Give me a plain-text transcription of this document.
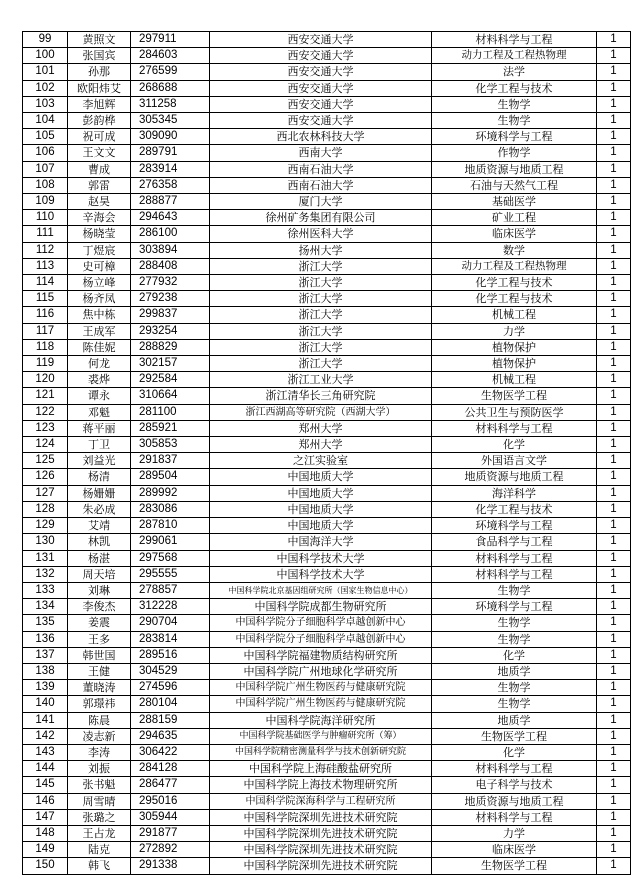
99	黄照文	297911	西安交通大学	材料科学与工程	1
100	张国宾	284603	西安交通大学	动力工程及工程热物理	1
101	孙那	276599	西安交通大学	法学	1
102	欧阳炜艾	268688	西安交通大学	化学工程与技术	1
103	李旭辉	311258	西安交通大学	生物学	1
104	彭韵桦	305345	西安交通大学	生物学	1
105	祝可成	309090	西北农林科技大学	环境科学与工程	1
106	王文文	289791	西南大学	作物学	1
107	曹成	283914	西南石油大学	地质资源与地质工程	1
108	郭雷	276358	西南石油大学	石油与天然气工程	1
109	赵昊	288877	厦门大学	基础医学	1
110	辛海会	294643	徐州矿务集团有限公司	矿业工程	1
111	杨晓莹	286100	徐州医科大学	临床医学	1
112	丁煜宸	303894	扬州大学	数学	1
113	史可樟	288408	浙江大学	动力工程及工程热物理	1
114	杨立峰	277932	浙江大学	化学工程与技术	1
115	杨齐凤	279238	浙江大学	化学工程与技术	1
116	焦中栋	299837	浙江大学	机械工程	1
117	王成军	293254	浙江大学	力学	1
118	陈佳妮	288829	浙江大学	植物保护	1
119	何龙	302157	浙江大学	植物保护	1
120	裘烨	292584	浙江工业大学	机械工程	1
121	谭永	310664	浙江清华长三角研究院	生物医学工程	1
122	邓魁	281100	浙江西湖高等研究院（西湖大学）	公共卫生与预防医学	1
123	蒋平丽	285921	郑州大学	材料科学与工程	1
124	丁卫	305853	郑州大学	化学	1
125	刘益光	291837	之江实验室	外国语言文学	1
126	杨清	289504	中国地质大学	地质资源与地质工程	1
127	杨姗姗	289992	中国地质大学	海洋科学	1
128	朱必成	283086	中国地质大学	化学工程与技术	1
129	艾靖	287810	中国地质大学	环境科学与工程	1
130	林凯	299061	中国海洋大学	食品科学与工程	1
131	杨湛	297568	中国科学技术大学	材料科学与工程	1
132	周天培	295555	中国科学技术大学	材料科学与工程	1
133	刘琳	278857	中国科学院北京基因组研究所（国家生物信息中心）	生物学	1
134	李俊杰	312228	中国科学院成都生物研究所	环境科学与工程	1
135	姜震	290704	中国科学院分子细胞科学卓越创新中心	生物学	1
136	王多	283814	中国科学院分子细胞科学卓越创新中心	生物学	1
137	韩世国	289516	中国科学院福建物质结构研究所	化学	1
138	王健	304529	中国科学院广州地球化学研究所	地质学	1
139	董晓涛	274596	中国科学院广州生物医药与健康研究院	生物学	1
140	郭璟祎	280104	中国科学院广州生物医药与健康研究院	生物学	1
141	陈晨	288159	中国科学院海洋研究所	地质学	1
142	凌志新	294635	中国科学院基础医学与肿瘤研究所（筹）	生物医学工程	1
143	李涛	306422	中国科学院精密测量科学与技术创新研究院	化学	1
144	刘振	284128	中国科学院上海硅酸盐研究所	材料科学与工程	1
145	张书魁	286477	中国科学院上海技术物理研究所	电子科学与技术	1
146	周雪晴	295016	中国科学院深海科学与工程研究所	地质资源与地质工程	1
147	张璐之	305944	中国科学院深圳先进技术研究院	材料科学与工程	1
148	王占龙	291877	中国科学院深圳先进技术研究院	力学	1
149	陆克	272892	中国科学院深圳先进技术研究院	临床医学	1
150	韩飞	291338	中国科学院深圳先进技术研究院	生物医学工程	1
